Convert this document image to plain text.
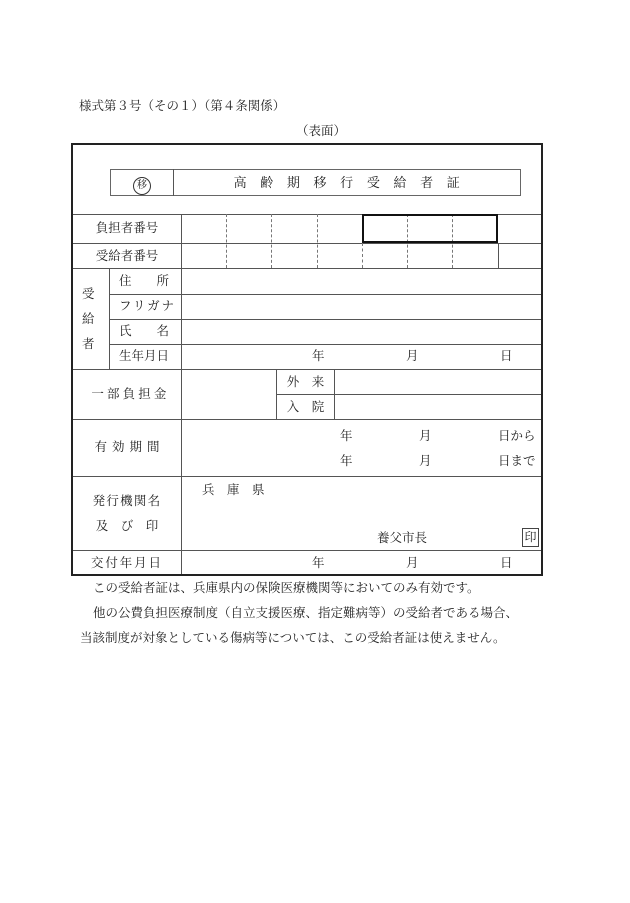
様式第３号（その１）（第４条関係）
（表面）
移	高齢期移行受給者証
負担者番号
受給者番号
受
給
者
住　　所
フリガナ
氏　　名
生年月日	年	月	日
一部負担金
外　来
入　院
有効期間
年	月	日から
年	月	日まで
発行機関名
及　び　印
兵　庫　県
養父市長	印
交付年月日	年	月	日
この受給者証は、兵庫県内の保険医療機関等においてのみ有効です。
他の公費負担医療制度（自立支援医療、指定難病等）の受給者である場合、
当該制度が対象としている傷病等については、この受給者証は使えません。
